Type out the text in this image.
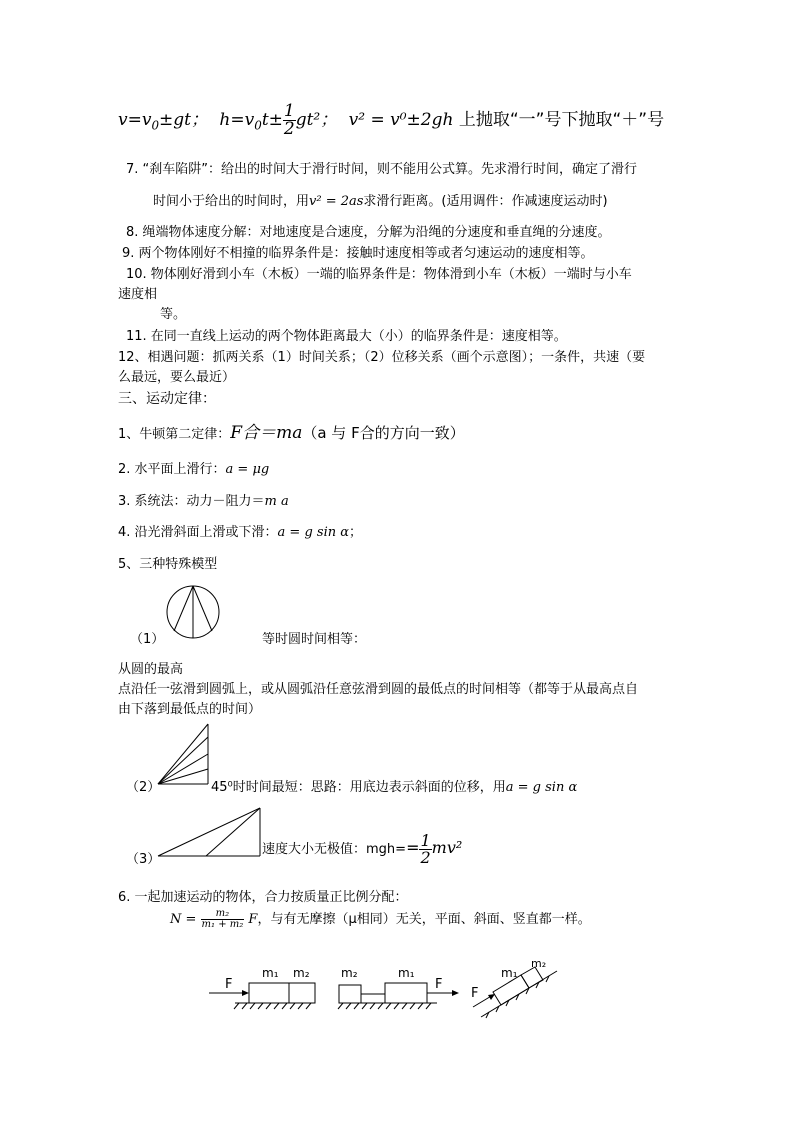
$v=v_0\pm gt$； $h=v_0t\pm \frac{1}{2} gt^2$； v² = v⁰±2gh 上抛取“一”号下抛取“＋”号
7. “刹车陷阱”：给出的时间大于滑行时间，则不能用公式算。先求滑行时间，确定了滑行
时间小于给出的时间时，用v² = 2as求滑行距离。(适用调件：作减速度运动时)
8. 绳端物体速度分解：对地速度是合速度，分解为沿绳的分速度和垂直绳的分速度。
9. 两个物体刚好不相撞的临界条件是：接触时速度相等或者匀速运动的速度相等。
10. 物体刚好滑到小车（木板）一端的临界条件是：物体滑到小车（木板）一端时与小车
速度相
等。
11. 在同一直线上运动的两个物体距离最大（小）的临界条件是：速度相等。
12、相遇问题：抓两关系（1）时间关系；（2）位移关系（画个示意图）；一条件，共速（要
么最远，要么最近）
三、运动定律：
1、牛顿第二定律：F合＝ma（a 与 F合的方向一致）
2. 水平面上滑行：a = μg
3. 系统法：动力－阻力＝m a
4. 沿光滑斜面上滑或下滑：a = g sin α；
5、三种特殊模型
（1）	等时圆时间相等：
从圆的最高
点沿任一弦滑到圆弧上，或从圆弧沿任意弦滑到圆的最低点的时间相等（都等于从最高点自
由下落到最低点的时间）
（2）	45⁰时时间最短：思路：用底边表示斜面的位移，用a = g sin α
（3）
速度大小无极值：$mgh== \frac{1}{2} mv^2$
6. 一起加速运动的物体，合力按质量正比例分配：
$N = \frac{\text{m₂}}{\text{m₁ + m₂}}$ F，与有无摩擦（μ相同）无关，平面、斜面、竖直都一样。
F
m₁ m₂
F
m₂	m₁
F
m₁
m₂
